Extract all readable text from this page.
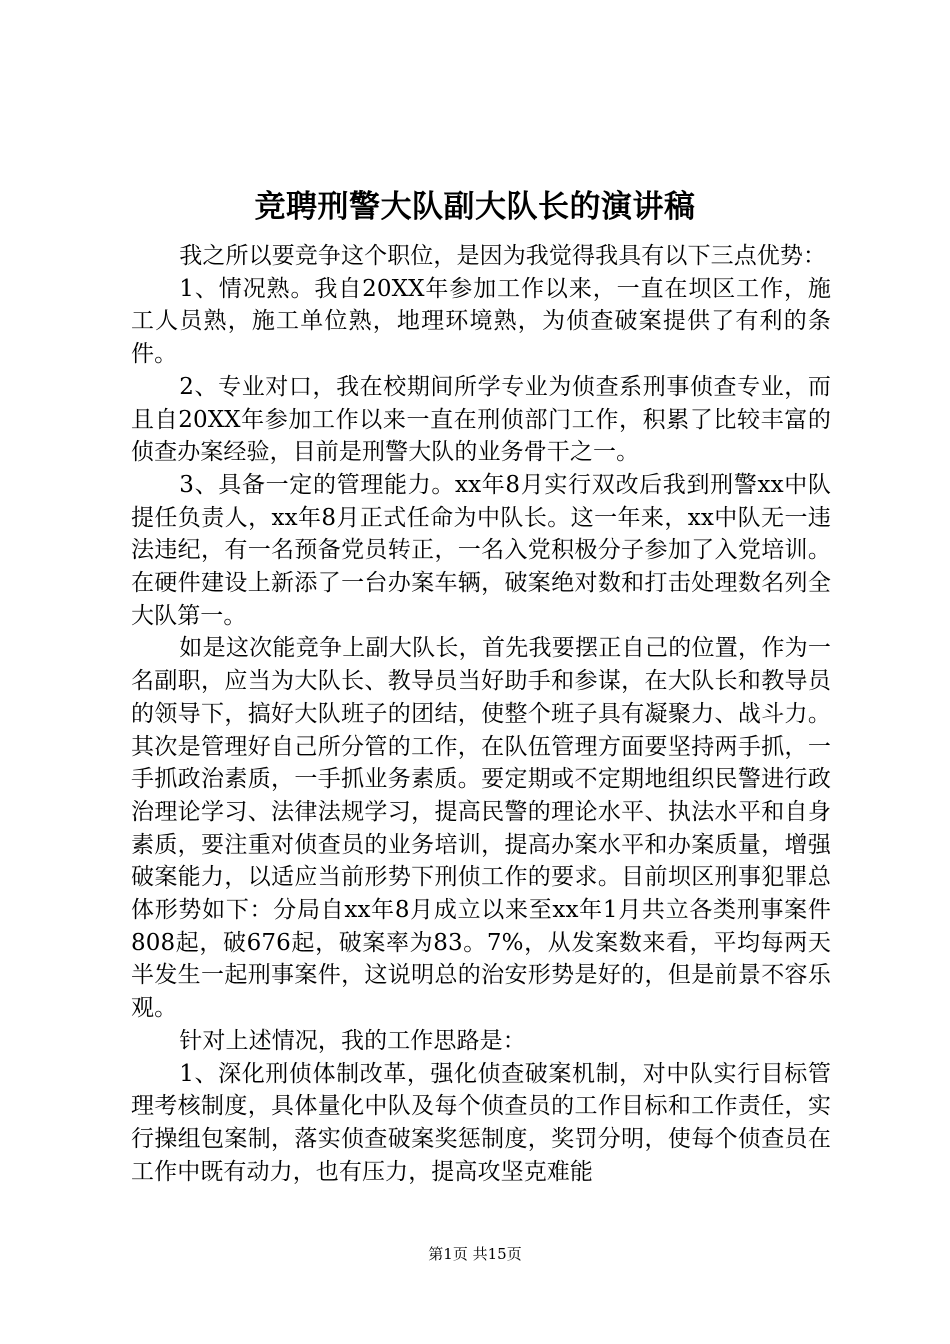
竞聘刑警大队副大队长的演讲稿

我之所以要竞争这个职位，是因为我觉得我具有以下三点优势：

1、情况熟。我自20XX年参加工作以来，一直在坝区工作，施工人员熟，施工单位熟，地理环境熟，为侦查破案提供了有利的条件。

2、专业对口，我在校期间所学专业为侦查系刑事侦查专业，而且自20XX年参加工作以来一直在刑侦部门工作，积累了比较丰富的侦查办案经验，目前是刑警大队的业务骨干之一。

3、具备一定的管理能力。xx年8月实行双改后我到刑警xx中队提任负责人，xx年8月正式任命为中队长。这一年来，xx中队无一违法违纪，有一名预备党员转正，一名入党积极分子参加了入党培训。在硬件建设上新添了一台办案车辆，破案绝对数和打击处理数名列全大队第一。

如是这次能竞争上副大队长，首先我要摆正自己的位置，作为一名副职，应当为大队长、教导员当好助手和参谋，在大队长和教导员的领导下，搞好大队班子的团结，使整个班子具有凝聚力、战斗力。其次是管理好自己所分管的工作，在队伍管理方面要坚持两手抓，一手抓政治素质，一手抓业务素质。要定期或不定期地组织民警进行政治理论学习、法律法规学习，提高民警的理论水平、执法水平和自身素质，要注重对侦查员的业务培训，提高办案水平和办案质量，增强破案能力，以适应当前形势下刑侦工作的要求。目前坝区刑事犯罪总体形势如下：分局自xx年8月成立以来至xx年1月共立各类刑事案件808起，破676起，破案率为83。7%，从发案数来看，平均每两天半发生一起刑事案件，这说明总的治安形势是好的，但是前景不容乐观。

针对上述情况，我的工作思路是：

1、深化刑侦体制改革，强化侦查破案机制，对中队实行目标管理考核制度，具体量化中队及每个侦查员的工作目标和工作责任，实行操组包案制，落实侦查破案奖惩制度，奖罚分明，使每个侦查员在工作中既有动力，也有压力，提高攻坚克难能

第1页 共15页
